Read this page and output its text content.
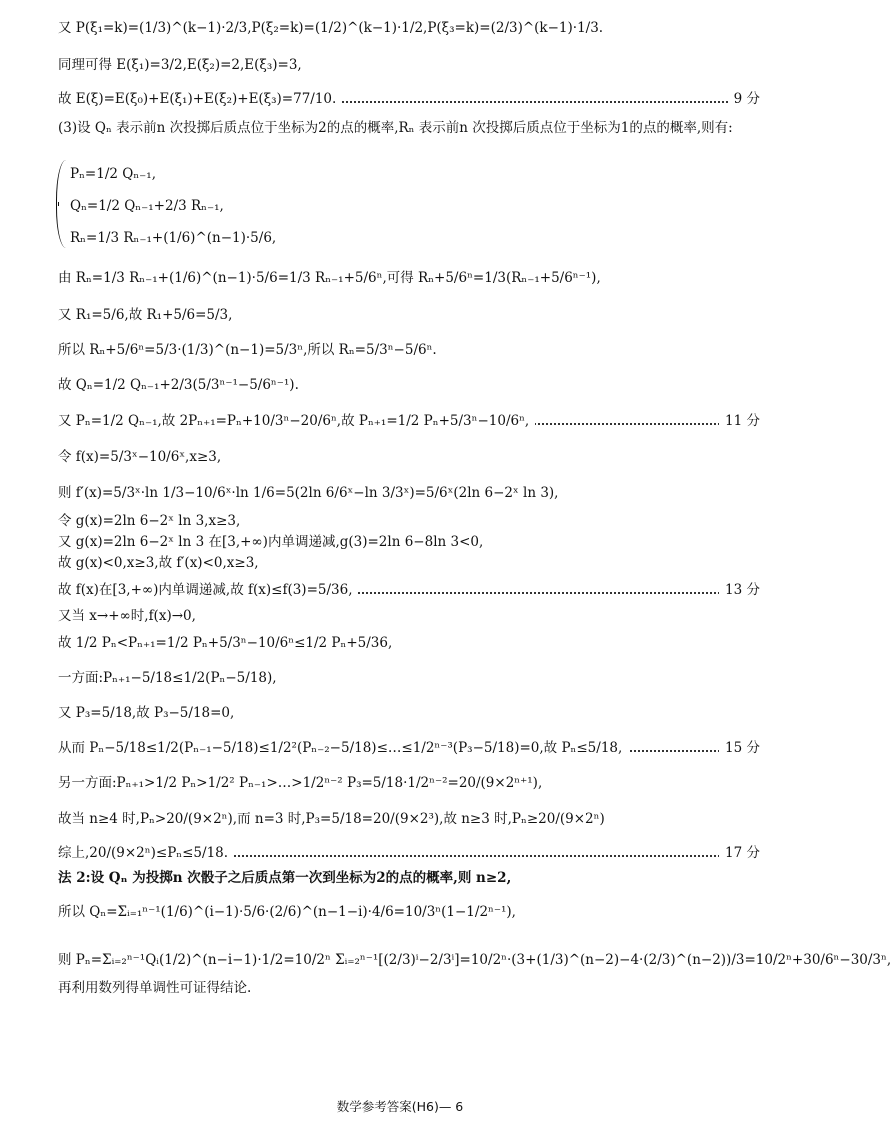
又 P(ξ₁=k)=(1/3)^(k−1)·2/3,P(ξ₂=k)=(1/2)^(k−1)·1/2,P(ξ₃=k)=(2/3)^(k−1)·1/3.
同理可得 E(ξ₁)=3/2,E(ξ₂)=2,E(ξ₃)=3,
故 E(ξ)=E(ξ₀)+E(ξ₁)+E(ξ₂)+E(ξ₃)=77/10.	9 分
(3)设 Qₙ 表示前n 次投掷后质点位于坐标为2的点的概率,Rₙ 表示前n 次投掷后质点位于坐标为1的点的概率,则有:
Pₙ=1/2 Qₙ₋₁,
Qₙ=1/2 Qₙ₋₁+2/3 Rₙ₋₁,
Rₙ=1/3 Rₙ₋₁+(1/6)^(n−1)·5/6,
由 Rₙ=1/3 Rₙ₋₁+(1/6)^(n−1)·5/6=1/3 Rₙ₋₁+5/6ⁿ,可得 Rₙ+5/6ⁿ=1/3(Rₙ₋₁+5/6ⁿ⁻¹),
又 R₁=5/6,故 R₁+5/6=5/3,
所以 Rₙ+5/6ⁿ=5/3·(1/3)^(n−1)=5/3ⁿ,所以 Rₙ=5/3ⁿ−5/6ⁿ.
故 Qₙ=1/2 Qₙ₋₁+2/3(5/3ⁿ⁻¹−5/6ⁿ⁻¹).
又 Pₙ=1/2 Qₙ₋₁,故 2Pₙ₊₁=Pₙ+10/3ⁿ−20/6ⁿ,故 Pₙ₊₁=1/2 Pₙ+5/3ⁿ−10/6ⁿ,	11 分
令 f(x)=5/3ˣ−10/6ˣ,x≥3,
则 f′(x)=5/3ˣ·ln 1/3−10/6ˣ·ln 1/6=5(2ln 6/6ˣ−ln 3/3ˣ)=5/6ˣ(2ln 6−2ˣ ln 3),
令 g(x)=2ln 6−2ˣ ln 3,x≥3,
又 g(x)=2ln 6−2ˣ ln 3 在[3,+∞)内单调递减,g(3)=2ln 6−8ln 3<0,
故 g(x)<0,x≥3,故 f′(x)<0,x≥3,
故 f(x)在[3,+∞)内单调递减,故 f(x)≤f(3)=5/36,	13 分
又当 x→+∞时,f(x)→0,
故 1/2 Pₙ<Pₙ₊₁=1/2 Pₙ+5/3ⁿ−10/6ⁿ≤1/2 Pₙ+5/36,
一方面:Pₙ₊₁−5/18≤1/2(Pₙ−5/18),
又 P₃=5/18,故 P₃−5/18=0,
从而 Pₙ−5/18≤1/2(Pₙ₋₁−5/18)≤1/2²(Pₙ₋₂−5/18)≤…≤1/2ⁿ⁻³(P₃−5/18)=0,故 Pₙ≤5/18,	15 分
另一方面:Pₙ₊₁>1/2 Pₙ>1/2² Pₙ₋₁>…>1/2ⁿ⁻² P₃=5/18·1/2ⁿ⁻²=20/(9×2ⁿ⁺¹),
故当 n≥4 时,Pₙ>20/(9×2ⁿ),而 n=3 时,P₃=5/18=20/(9×2³),故 n≥3 时,Pₙ≥20/(9×2ⁿ)
综上,20/(9×2ⁿ)≤Pₙ≤5/18.	17 分
法 2:设 Qₙ 为投掷n 次骰子之后质点第一次到坐标为2的点的概率,则 n≥2,
所以 Qₙ=Σᵢ₌₁ⁿ⁻¹(1/6)^(i−1)·5/6·(2/6)^(n−1−i)·4/6=10/3ⁿ(1−1/2ⁿ⁻¹),
则 Pₙ=Σᵢ₌₂ⁿ⁻¹Qᵢ(1/2)^(n−i−1)·1/2=10/2ⁿ Σᵢ₌₂ⁿ⁻¹[(2/3)ⁱ−2/3ⁱ]=10/2ⁿ·(3+(1/3)^(n−2)−4·(2/3)^(n−2))/3=10/2ⁿ+30/6ⁿ−30/3ⁿ,
再利用数列得单调性可证得结论.
数学参考答案(H6)— 6
